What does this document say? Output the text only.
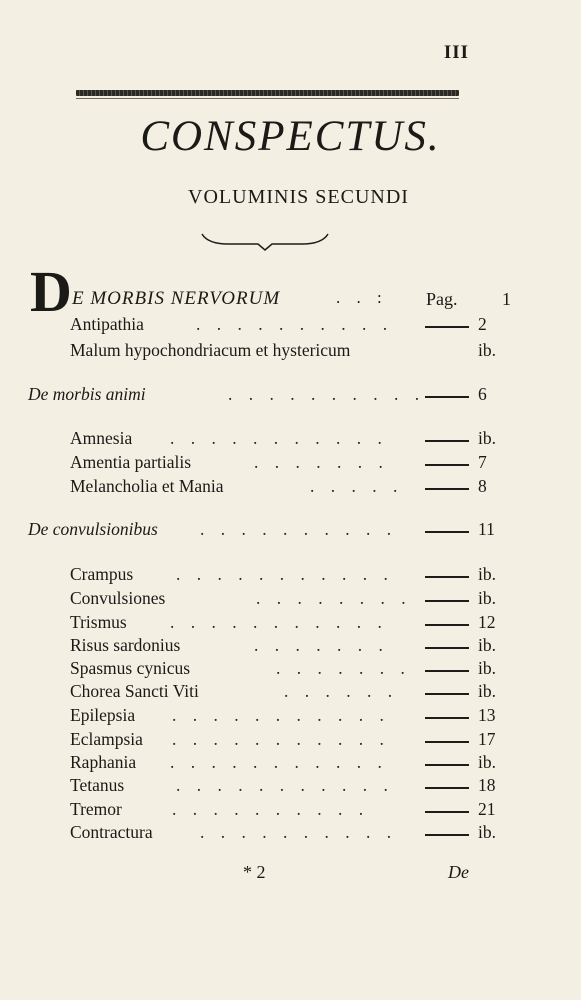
III
CONSPECTUS.
VOLUMINIS SECUNDI
D E MORBIS NERVORUM	. . : Pag. 1
Antipathia	. . . . . . . . . .	2
Malum hypochondriacum et hystericum	ib.
De morbis animi	. . . . . . . . . .	6
Amnesia . . . . . . . . . . .	ib.
Amentia partialis	. . . . . . .	7
Melancholia et Mania	. . . . .	8
De convulsionibus . . . . . . . . . .	11
Crampus . . . . . . . . . . .	ib.
Convulsiones	. . . . . . . .	ib.
Trismus . . . . . . . . . . .	12
Risus sardonius	. . . . . . .	ib.
Spasmus cynicus	. . . . . . .	ib.
Chorea Sancti Viti	. . . . . .	ib.
Epilepsia . . . . . . . . . . .	13
Eclampsia . . . . . . . . . . .	17
Raphania . . . . . . . . . . .	ib.
Tetanus	. . . . . . . . . . .	18
Tremor	. . . . . . . . . .	21
Contractura	. . . . . . . . . .	ib.
* 2	De
